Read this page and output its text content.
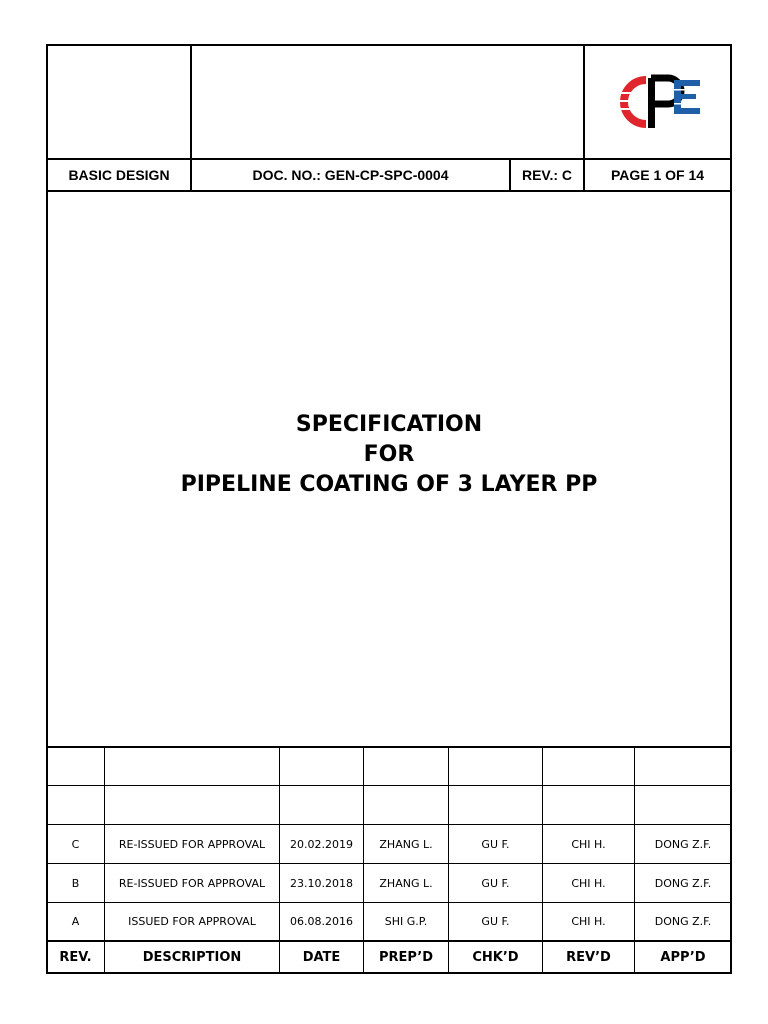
BASIC DESIGN	DOC. NO.: GEN-CP-SPC-0004	REV.: C	PAGE 1 OF 14
SPECIFICATION
FOR
PIPELINE COATING OF 3 LAYER PP
C	RE-ISSUED FOR APPROVAL	20.02.2019	ZHANG L.	GU F.	CHI H.	DONG Z.F.
B	RE-ISSUED FOR APPROVAL	23.10.2018	ZHANG L.	GU F.	CHI H.	DONG Z.F.
A	ISSUED FOR APPROVAL	06.08.2016	SHI G.P.	GU F.	CHI H.	DONG Z.F.
REV.	DESCRIPTION	DATE	PREP’D	CHK’D	REV’D	APP’D
